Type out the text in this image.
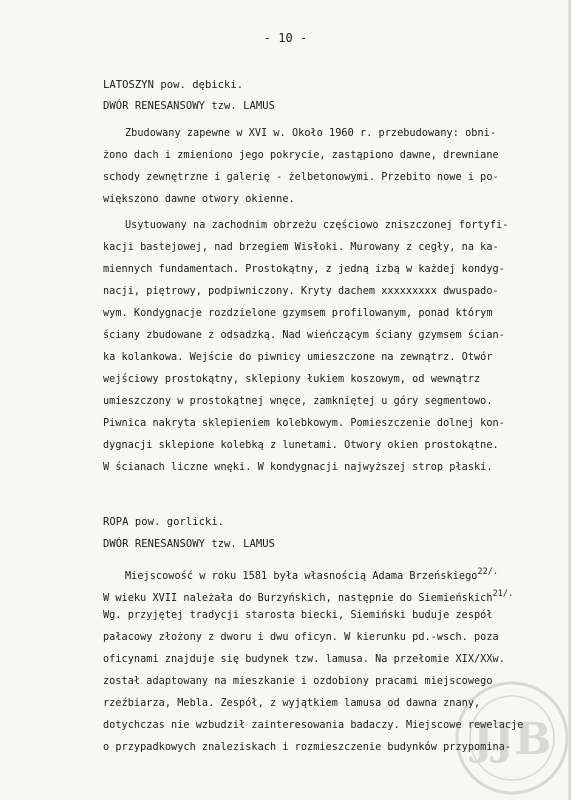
- 10 -
LATOSZYN pow. dębicki.
DWÓR RENESANSOWY tzw. LAMUS
Zbudowany zapewne w XVI w. Około 1960 r. przebudowany: obni-
żono dach i zmieniono jego pokrycie, zastąpiono dawne, drewniane
schody zewnętrzne i galerię - żelbetonowymi. Przebito nowe i po-
większono dawne otwory okienne.
Usytuowany na zachodnim obrzeżu częściowo zniszczonej fortyfi-
kacji bastejowej, nad brzegiem Wisłoki. Murowany z cegły, na ka-
miennych fundamentach. Prostokątny, z jedną izbą w każdej kondyg-
nacji, piętrowy, podpiwniczony. Kryty dachem xxxxxxxxx dwuspado-
wym. Kondygnacje rozdzielone gzymsem profilowanym, ponad którym
ściany zbudowane z odsadzką. Nad wieńczącym ściany gzymsem ścian-
ka kolankowa. Wejście do piwnicy umieszczone na zewnątrz. Otwór
wejściowy prostokątny, sklepiony łukiem koszowym, od wewnątrz
umieszczony w prostokątnej wnęce, zamkniętej u góry segmentowo.
Piwnica nakryta sklepieniem kolebkowym. Pomieszczenie dolnej kon-
dygnacji sklepione kolebką z lunetami. Otwory okien prostokątne.
W ścianach liczne wnęki. W kondygnacji najwyższej strop płaski.
ROPA pow. gorlicki.
DWÓR RENESANSOWY tzw. LAMUS
Miejscowość w roku 1581 była własnością Adama Brzeńskiego$^{22/.}$
W wieku XVII należała do Burzyńskich, następnie do Siemieńskich$^{21/.}$
Wg. przyjętej tradycji starosta biecki, Siemiński buduje zespół
pałacowy złożony z dworu i dwu oficyn. W kierunku pd.-wsch. poza
oficynami znajduje się budynek tzw. lamusa. Na przełomie XIX/XXw.
został adaptowany na mieszkanie i ozdobiony pracami miejscowego
rzeźbiarza, Mebla. Zespół, z wyjątkiem lamusa od dawna znany,
dotychczas nie wzbudził zainteresowania badaczy. Miejscowe rewelacje
o przypadkowych znaleziskach i rozmieszczenie budynków przypomina-
JJB
